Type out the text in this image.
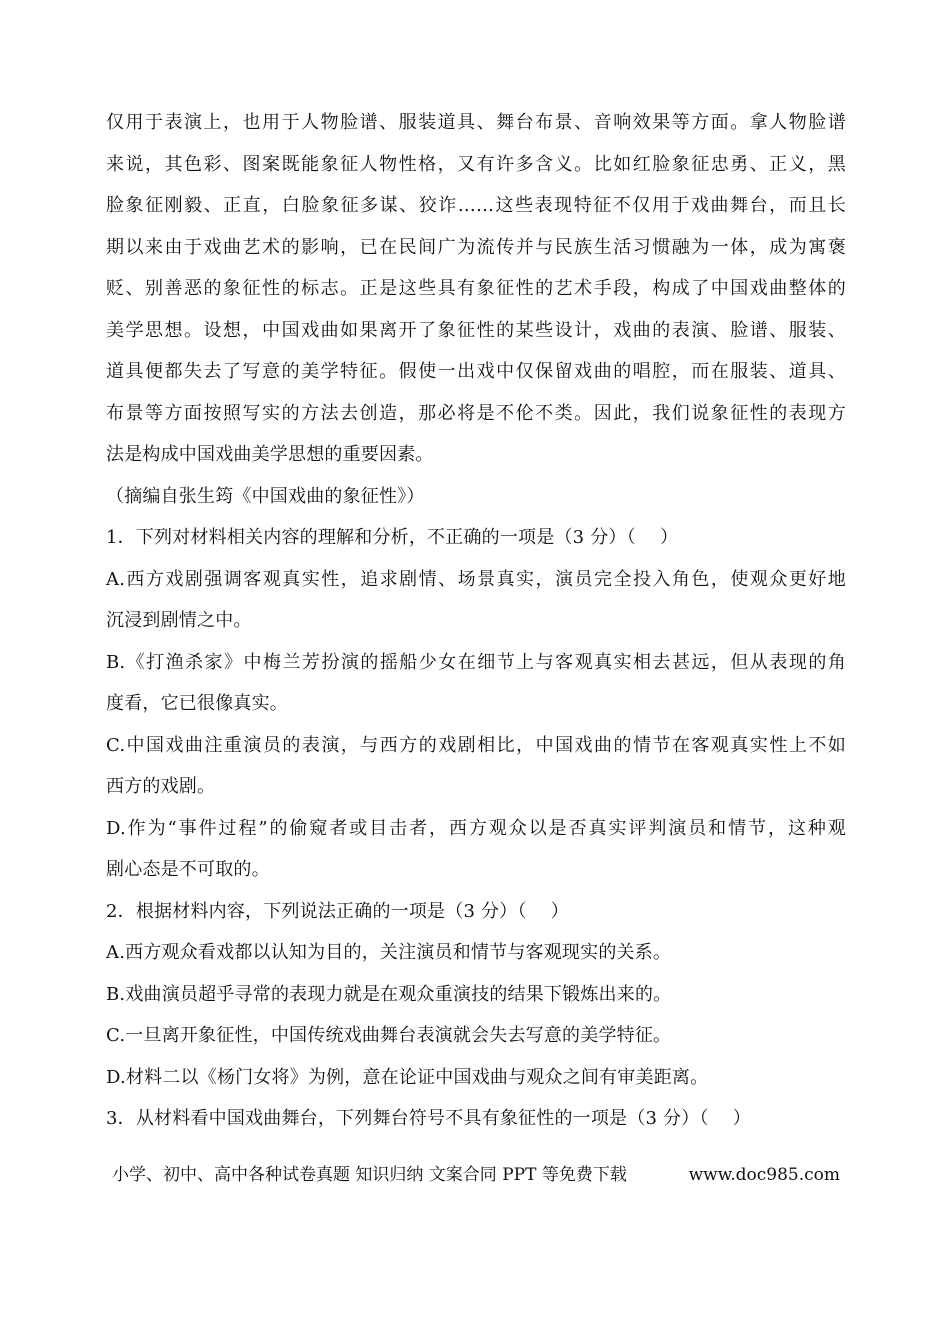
仅用于表演上，也用于人物脸谱、服装道具、舞台布景、音响效果等方面。拿人物脸谱
来说，其色彩、图案既能象征人物性格，又有许多含义。比如红脸象征忠勇、正义，黑
脸象征刚毅、正直，白脸象征多谋、狡诈……这些表现特征不仅用于戏曲舞台，而且长
期以来由于戏曲艺术的影响，已在民间广为流传并与民族生活习惯融为一体，成为寓褒
贬、别善恶的象征性的标志。正是这些具有象征性的艺术手段，构成了中国戏曲整体的
美学思想。设想，中国戏曲如果离开了象征性的某些设计，戏曲的表演、脸谱、服装、
道具便都失去了写意的美学特征。假使一出戏中仅保留戏曲的唱腔，而在服装、道具、
布景等方面按照写实的方法去创造，那必将是不伦不类。因此，我们说象征性的表现方
法是构成中国戏曲美学思想的重要因素。
（摘编自张生筠《中国戏曲的象征性》）
1．下列对材料相关内容的理解和分析，不正确的一项是（3 分）（　 ）
A.西方戏剧强调客观真实性，追求剧情、场景真实，演员完全投入角色，使观众更好地
沉浸到剧情之中。
B.《打渔杀家》中梅兰芳扮演的摇船少女在细节上与客观真实相去甚远，但从表现的角
度看，它已很像真实。
C.中国戏曲注重演员的表演，与西方的戏剧相比，中国戏曲的情节在客观真实性上不如
西方的戏剧。
D.作为“事件过程”的偷窥者或目击者，西方观众以是否真实评判演员和情节，这种观
剧心态是不可取的。
2．根据材料内容，下列说法正确的一项是（3 分）（　 ）
A.西方观众看戏都以认知为目的，关注演员和情节与客观现实的关系。
B.戏曲演员超乎寻常的表现力就是在观众重演技的结果下锻炼出来的。
C.一旦离开象征性，中国传统戏曲舞台表演就会失去写意的美学特征。
D.材料二以《杨门女将》为例，意在论证中国戏曲与观众之间有审美距离。
3．从材料看中国戏曲舞台，下列舞台符号不具有象征性的一项是（3 分）（　 ）
小学、初中、高中各种试卷真题 知识归纳 文案合同 PPT 等免费下载	www.doc985.com
